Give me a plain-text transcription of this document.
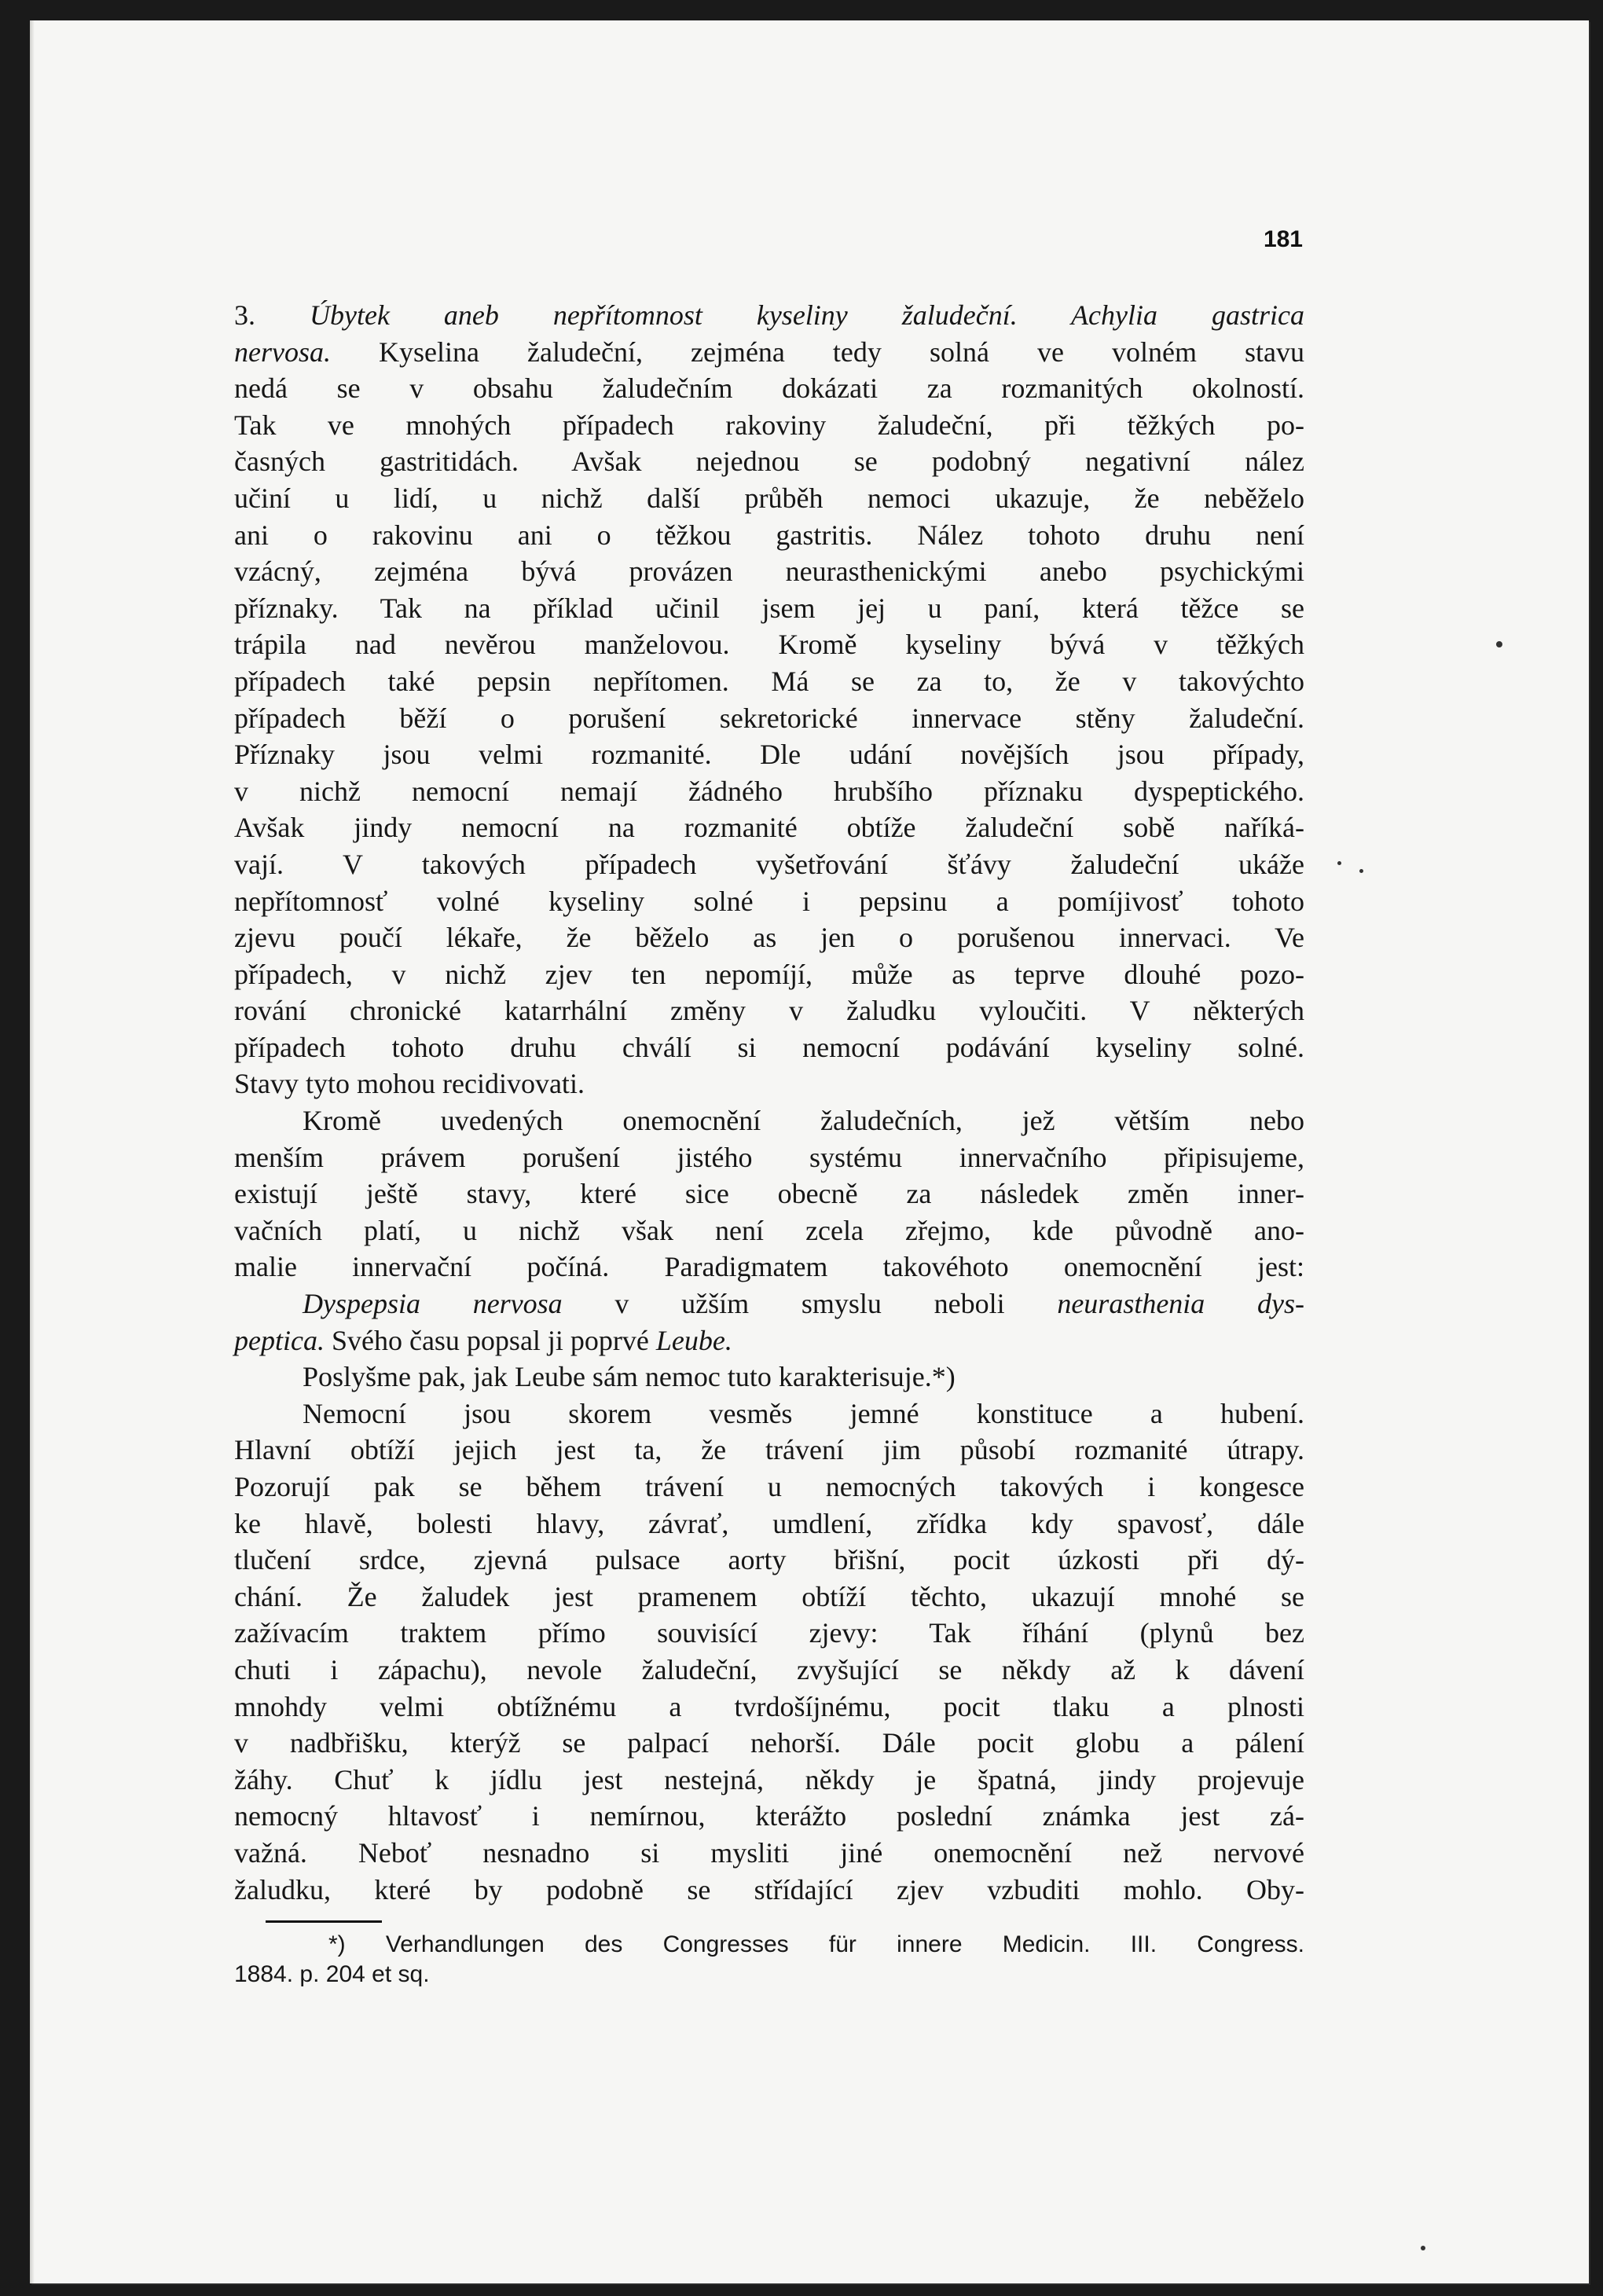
181
3. Úbytek aneb nepřítomnost kyseliny žaludeční. Achylia gastrica
nervosa. Kyselina žaludeční, zejména tedy solná ve volném stavu
nedá se v obsahu žaludečním dokázati za rozmanitých okolností.
Tak ve mnohých případech rakoviny žaludeční, při těžkých po-
časných gastritidách. Avšak nejednou se podobný negativní nález
učiní u lidí, u nichž další průběh nemoci ukazuje, že neběželo
ani o rakovinu ani o těžkou gastritis. Nález tohoto druhu není
vzácný, zejména bývá provázen neurasthenickými anebo psychickými
příznaky. Tak na příklad učinil jsem jej u paní, která těžce se
trápila nad nevěrou manželovou. Kromě kyseliny bývá v těžkých
případech také pepsin nepřítomen. Má se za to, že v takovýchto
případech běží o porušení sekretorické innervace stěny žaludeční.
Příznaky jsou velmi rozmanité. Dle udání novějších jsou případy,
v nichž nemocní nemají žádného hrubšího příznaku dyspeptického.
Avšak jindy nemocní na rozmanité obtíže žaludeční sobě naříká-
vají. V takových případech vyšetřování šťávy žaludeční ukáže
nepřítomnosť volné kyseliny solné i pepsinu a pomíjivosť tohoto
zjevu poučí lékaře, že běželo as jen o porušenou innervaci. Ve
případech, v nichž zjev ten nepomíjí, může as teprve dlouhé pozo-
rování chronické katarrhální změny v žaludku vyloučiti. V některých
případech tohoto druhu chválí si nemocní podávání kyseliny solné.
Stavy tyto mohou recidivovati.
Kromě uvedených onemocnění žaludečních, jež větším nebo
menším právem porušení jistého systému innervačního připisujeme,
existují ještě stavy, které sice obecně za následek změn inner-
vačních platí, u nichž však není zcela zřejmo, kde původně ano-
malie innervační počíná. Paradigmatem takovéhoto onemocnění jest:
Dyspepsia nervosa v užším smyslu neboli neurasthenia dys-
peptica. Svého času popsal ji poprvé Leube.
Poslyšme pak, jak Leube sám nemoc tuto karakterisuje.*)
Nemocní jsou skorem vesměs jemné konstituce a hubení.
Hlavní obtíží jejich jest ta, že trávení jim působí rozmanité útrapy.
Pozorují pak se během trávení u nemocných takových i kongesce
ke hlavě, bolesti hlavy, závrať, umdlení, zřídka kdy spavosť, dále
tlučení srdce, zjevná pulsace aorty břišní, pocit úzkosti při dý-
chání. Že žaludek jest pramenem obtíží těchto, ukazují mnohé se
zažívacím traktem přímo souvisící zjevy: Tak říhání (plynů bez
chuti i zápachu), nevole žaludeční, zvyšující se někdy až k dávení
mnohdy velmi obtížnému a tvrdošíjnému, pocit tlaku a plnosti
v nadbřišku, kterýž se palpací nehorší. Dále pocit globu a pálení
žáhy. Chuť k jídlu jest nestejná, někdy je špatná, jindy projevuje
nemocný hltavosť i nemírnou, kterážto poslední známka jest zá-
važná. Neboť nesnadno si mysliti jiné onemocnění než nervové
žaludku, které by podobně se střídající zjev vzbuditi mohlo. Oby-
*) Verhandlungen des Congresses für innere Medicin. III. Congress.
1884. p. 204 et sq.
